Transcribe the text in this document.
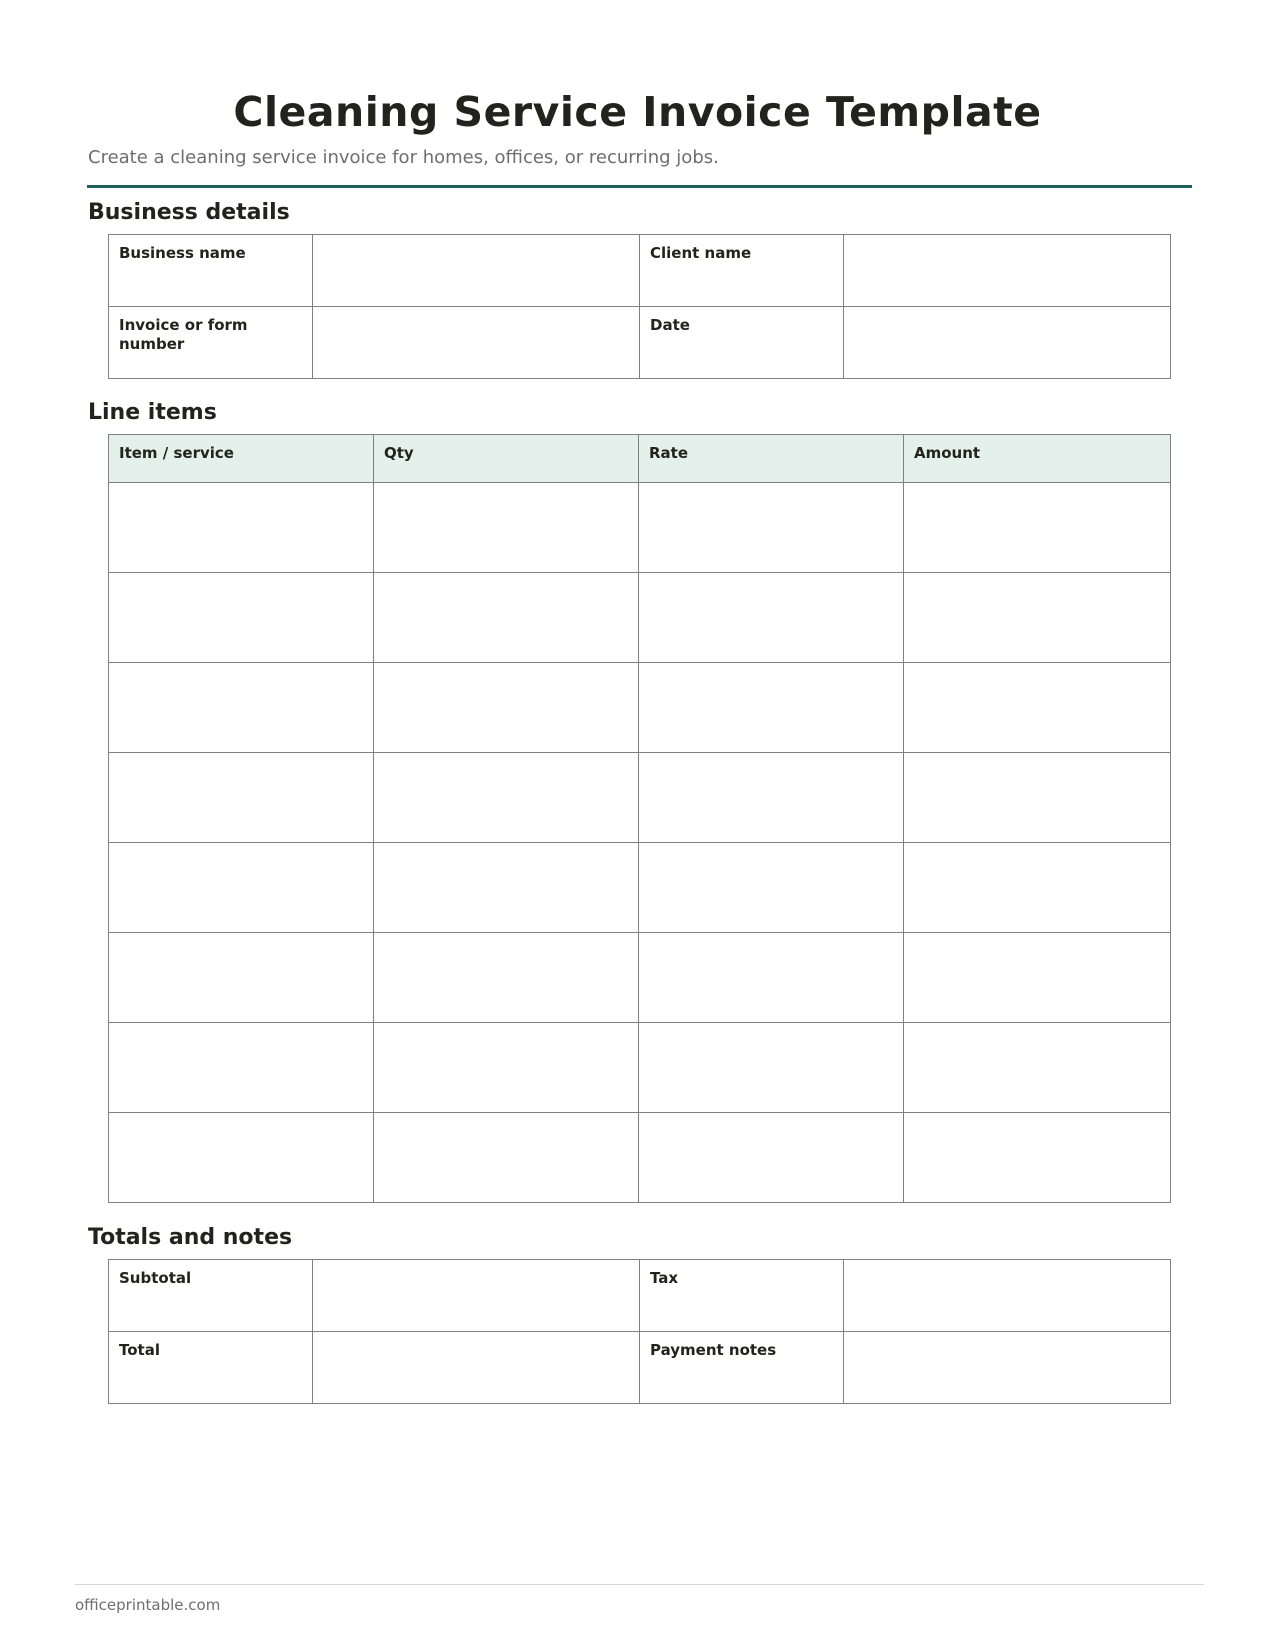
Cleaning Service Invoice Template
Create a cleaning service invoice for homes, offices, or recurring jobs.
Business details
Business name		Client name	
Invoice or form number		Date	
Line items
Item / service	Qty	Rate	Amount

Totals and notes
Subtotal		Tax	
Total		Payment notes	
officeprintable.com
